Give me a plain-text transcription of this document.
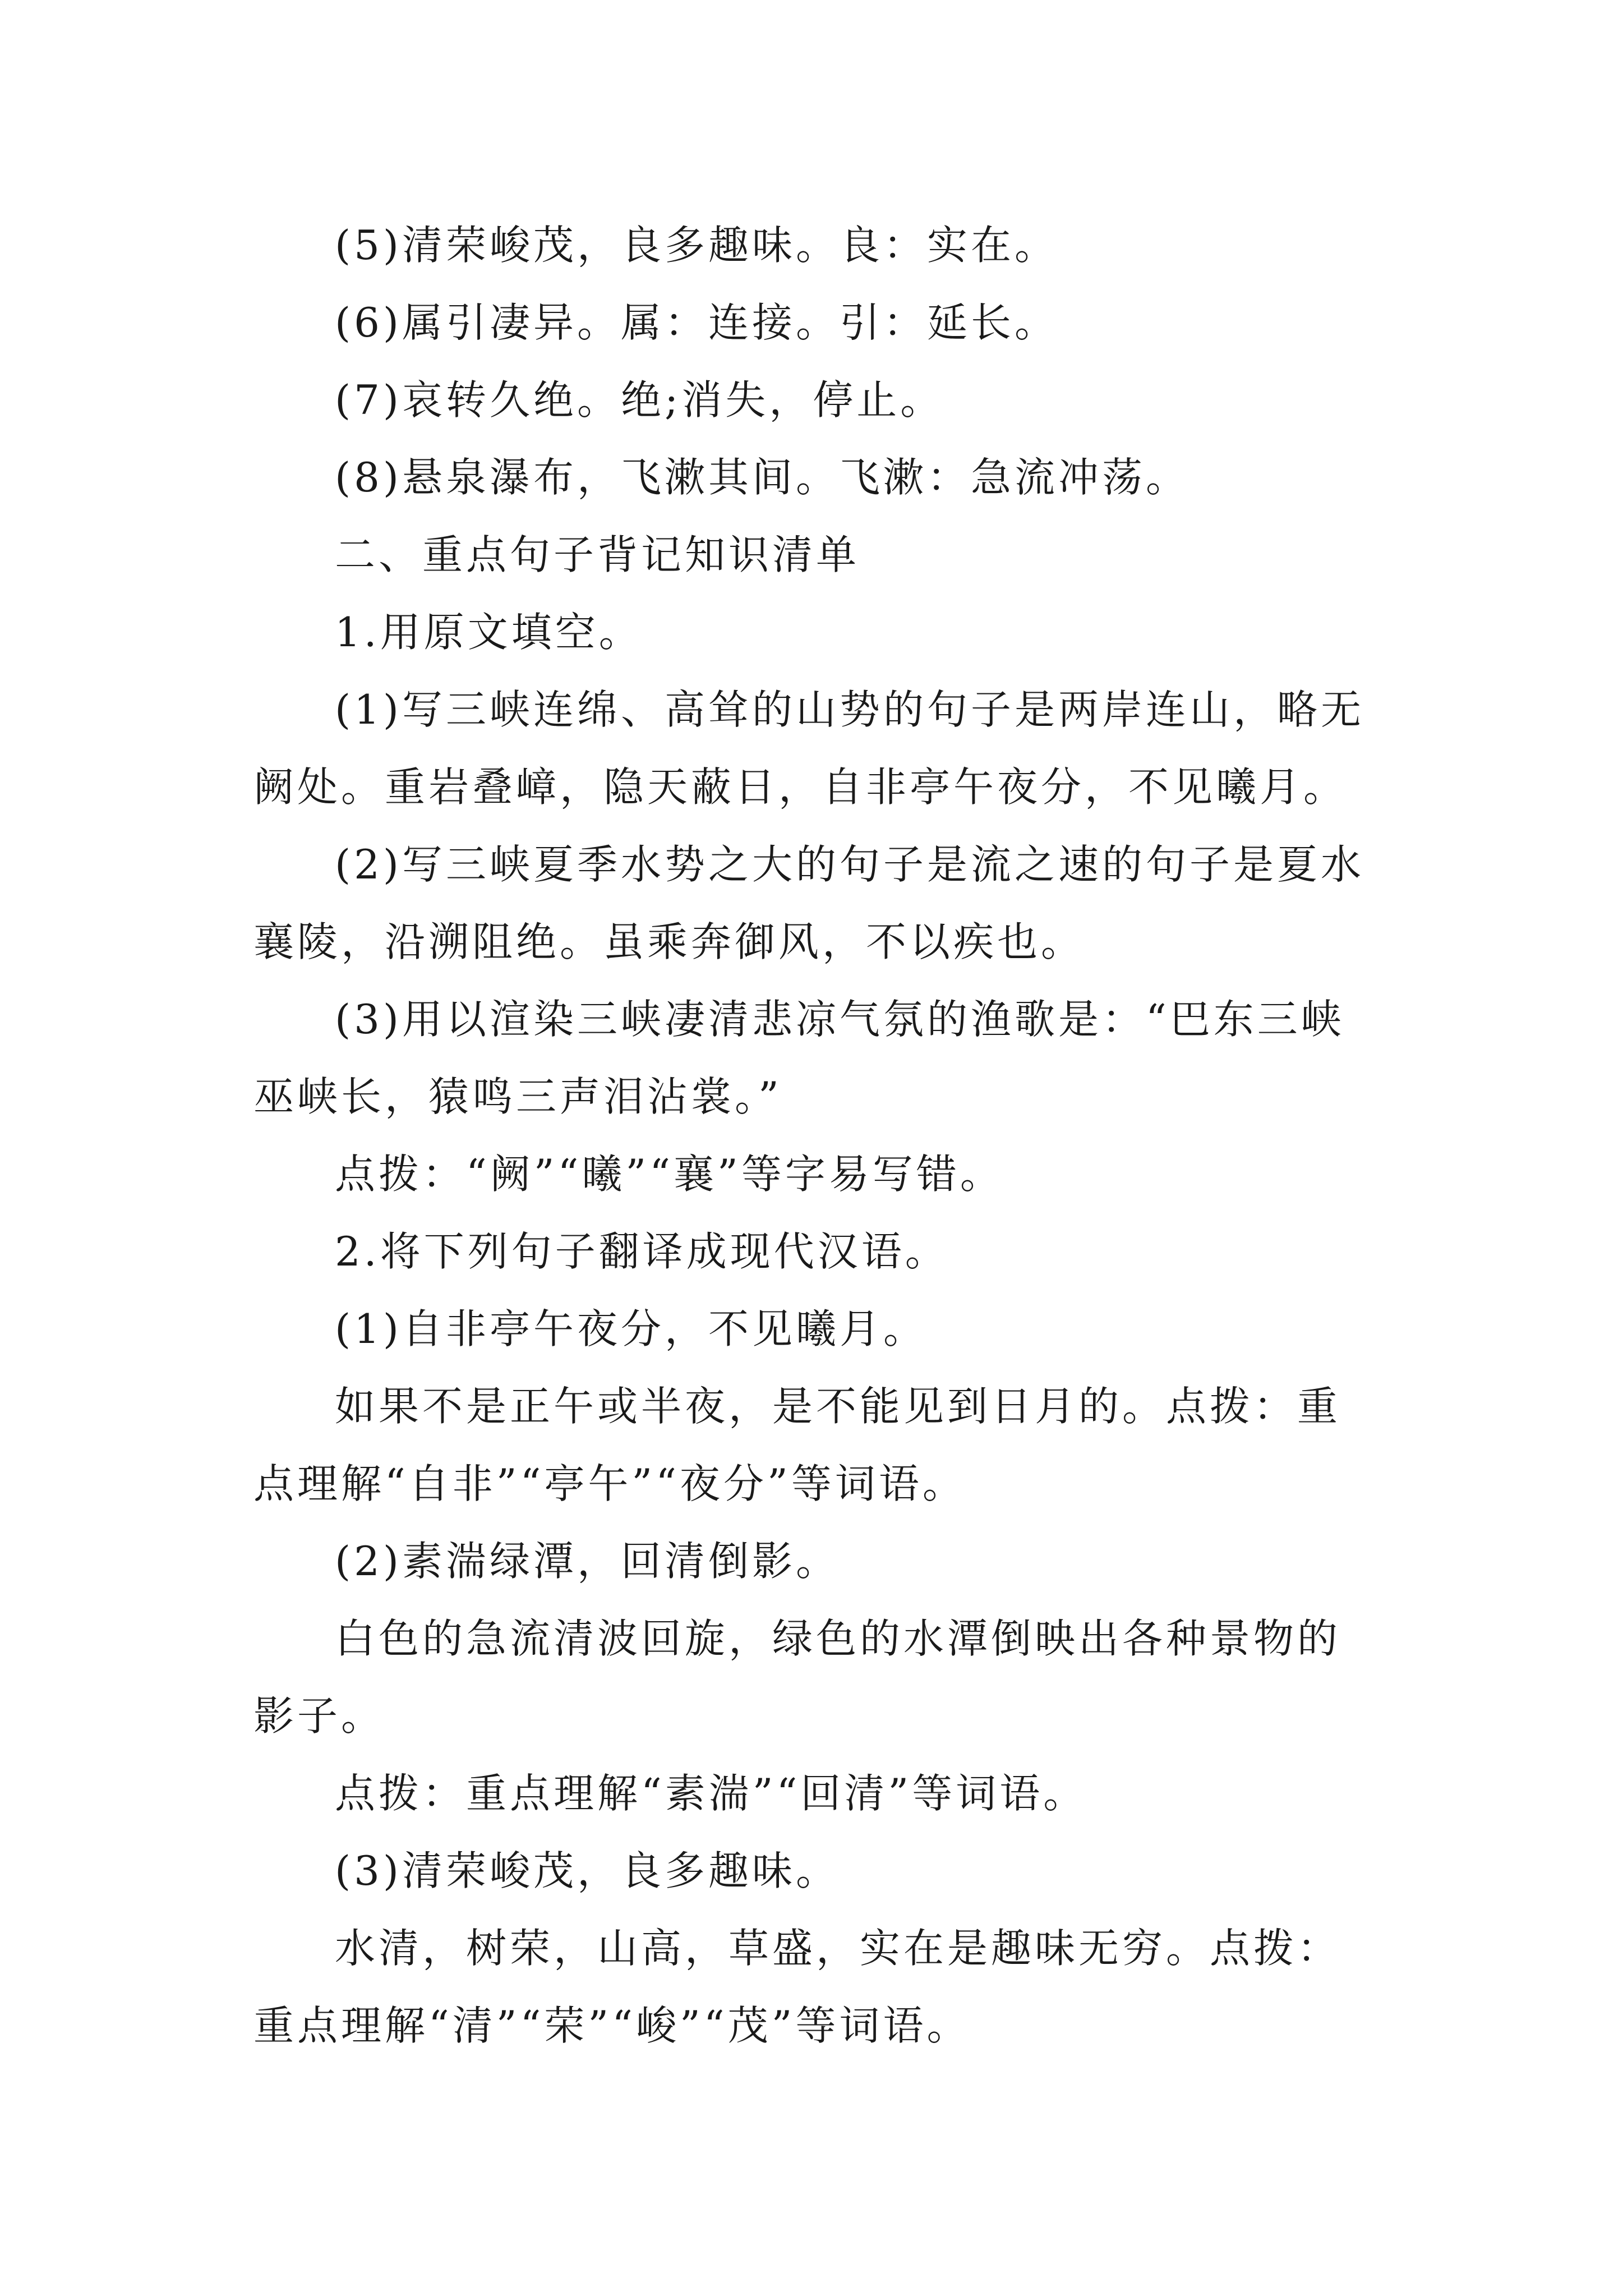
(5)清荣峻茂，良多趣味。良：实在。

(6)属引凄异。属：连接。引：延长。

(7)哀转久绝。绝;消失，停止。

(8)悬泉瀑布，飞漱其间。飞漱：急流冲荡。

二、重点句子背记知识清单

1.用原文填空。

(1)写三峡连绵、高耸的山势的句子是两岸连山，略无阙处。重岩叠嶂，隐天蔽日，自非亭午夜分，不见曦月。

(2)写三峡夏季水势之大的句子是流之速的句子是夏水襄陵，沿溯阻绝。虽乘奔御风，不以疾也。

(3)用以渲染三峡凄清悲凉气氛的渔歌是：“巴东三峡巫峡长，猿鸣三声泪沾裳。”

点拨：“阙”“曦”“襄”等字易写错。

2.将下列句子翻译成现代汉语。

(1)自非亭午夜分，不见曦月。

如果不是正午或半夜，是不能见到日月的。点拨：重点理解“自非”“亭午”“夜分”等词语。

(2)素湍绿潭，回清倒影。

白色的急流清波回旋，绿色的水潭倒映出各种景物的影子。

点拨：重点理解“素湍”“回清”等词语。

(3)清荣峻茂，良多趣味。

水清，树荣，山高，草盛，实在是趣味无穷。点拨：重点理解“清”“荣”“峻”“茂”等词语。
